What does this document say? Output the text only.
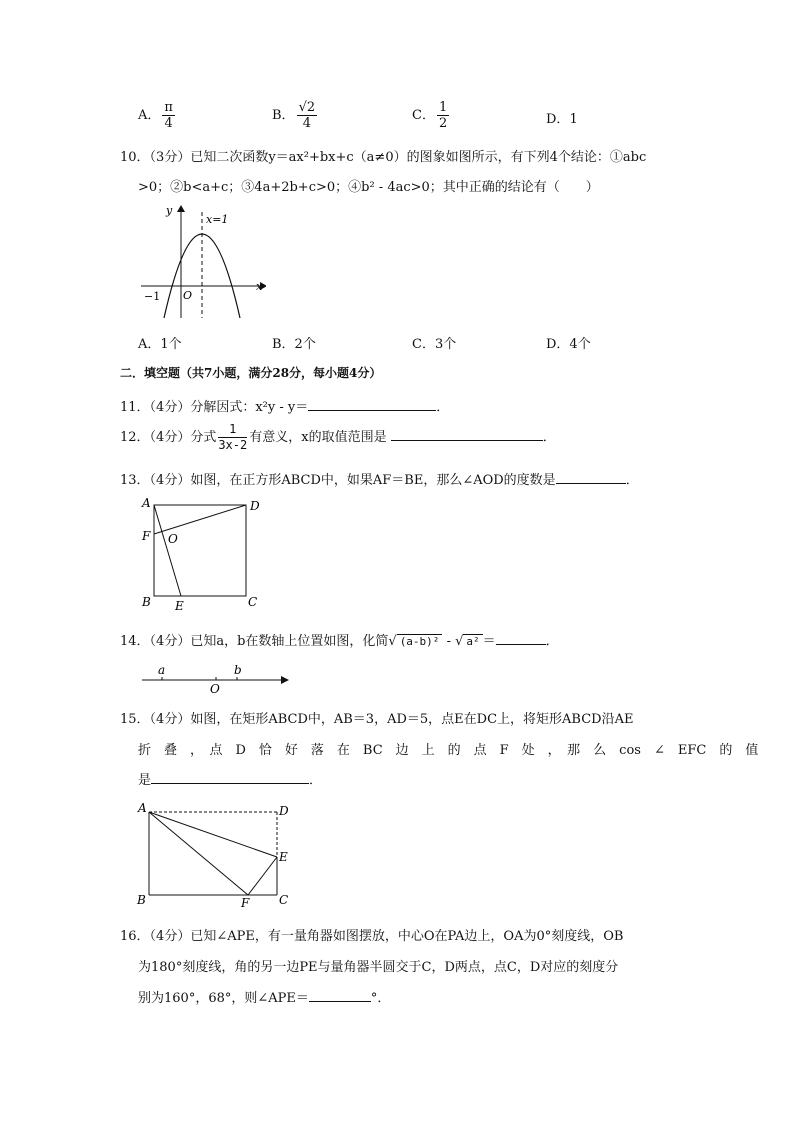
A． $\frac{\pi}{4}$	B． $\frac{√2}{4}$	C． $\frac{1}{2}$	D．1
10．（3分）已知二次函数y＝ax²+bx+c（a≠0）的图象如图所示，有下列4个结论：①abc
>0；②b<a+c；③4a+2b+c>0；④b² - 4ac>0；其中正确的结论有（　　）
y
x
x=1
−1 O
A．1个	B．2个	C．3个	D．4个
二．填空题（共7小题，满分28分，每小题4分）
11．（4分）分解因式：x²y - y＝	．
12．（4分）分式 $\frac{1}{3x-2}$ 有意义，x的取值范围是	．
13．（4分）如图，在正方形ABCD中，如果AF＝BE，那么∠AOD的度数是	．
A	D
F O
B E	C
14．（4分）已知a，b在数轴上位置如图，化简√ (a-b)² - √ a² ＝	．
a	b
O
15．（4分）如图，在矩形ABCD中，AB＝3，AD＝5，点E在DC上，将矩形ABCD沿AE
折　叠　，　点　D　恰　好　落　在　BC　边　上　的　点　F　处　，　那　么　cos　∠　EFC　的　值
是	．
A	D
E
B	F C
16．（4分）已知∠APE，有一量角器如图摆放，中心O在PA边上，OA为0°刻度线，OB
为180°刻度线，角的另一边PE与量角器半圆交于C，D两点，点C，D对应的刻度分
别为160°，68°，则∠APE＝	°．
